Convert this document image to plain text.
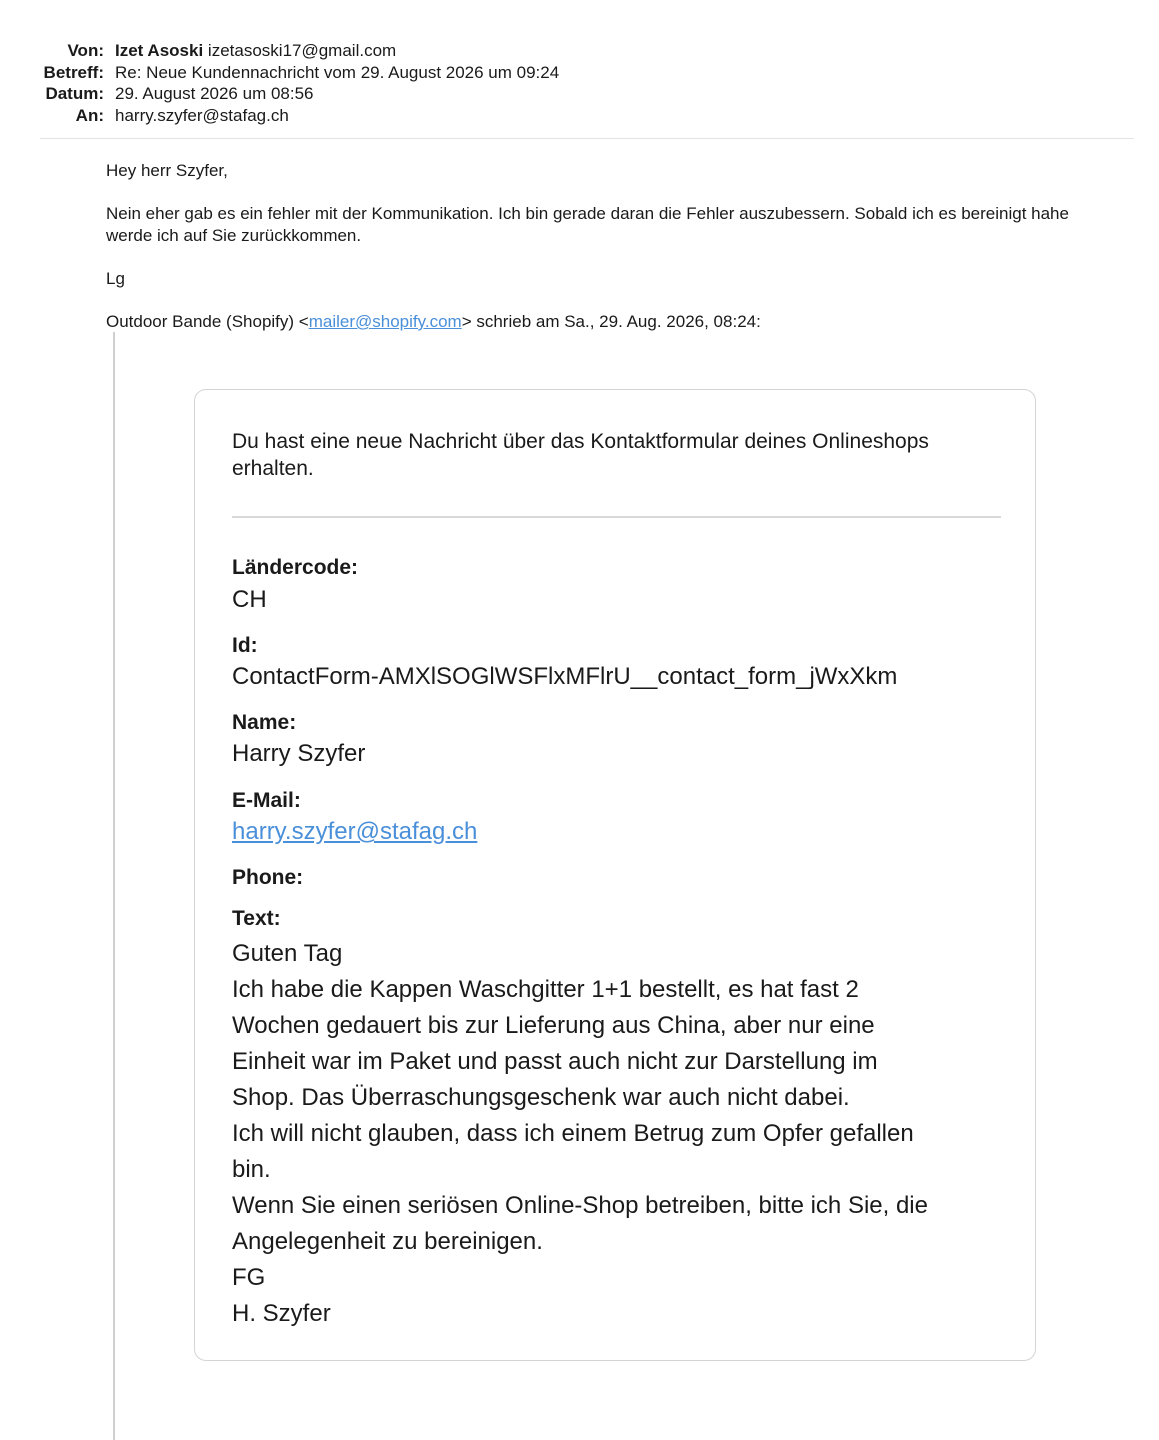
Von: Izet Asoski izetasoski17@gmail.com
Betreff: Re: Neue Kundennachricht vom 29. August 2026 um 09:24
Datum: 29. August 2026 um 08:56
An: harry.szyfer@stafag.ch

Hey herr Szyfer,

Nein eher gab es ein fehler mit der Kommunikation. Ich bin gerade daran die Fehler auszubessern. Sobald ich es bereinigt hahe werde ich auf Sie zurückkommen.

Lg

Outdoor Bande (Shopify) <mailer@shopify.com> schrieb am Sa., 29. Aug. 2026, 08:24:

Du hast eine neue Nachricht über das Kontaktformular deines Onlineshops erhalten.
Ländercode:
CH
Id:
ContactForm-AMXlSOGlWSFlxMFlrU__contact_form_jWxXkm
Name:
Harry Szyfer
E-Mail:
harry.szyfer@stafag.ch
Phone:
Text:
Guten Tag
Ich habe die Kappen Waschgitter 1+1 bestellt, es hat fast 2
Wochen gedauert bis zur Lieferung aus China, aber nur eine
Einheit war im Paket und passt auch nicht zur Darstellung im
Shop. Das Überraschungsgeschenk war auch nicht dabei.
Ich will nicht glauben, dass ich einem Betrug zum Opfer gefallen
bin.
Wenn Sie einen seriösen Online-Shop betreiben, bitte ich Sie, die
Angelegenheit zu bereinigen.
FG
H. Szyfer
